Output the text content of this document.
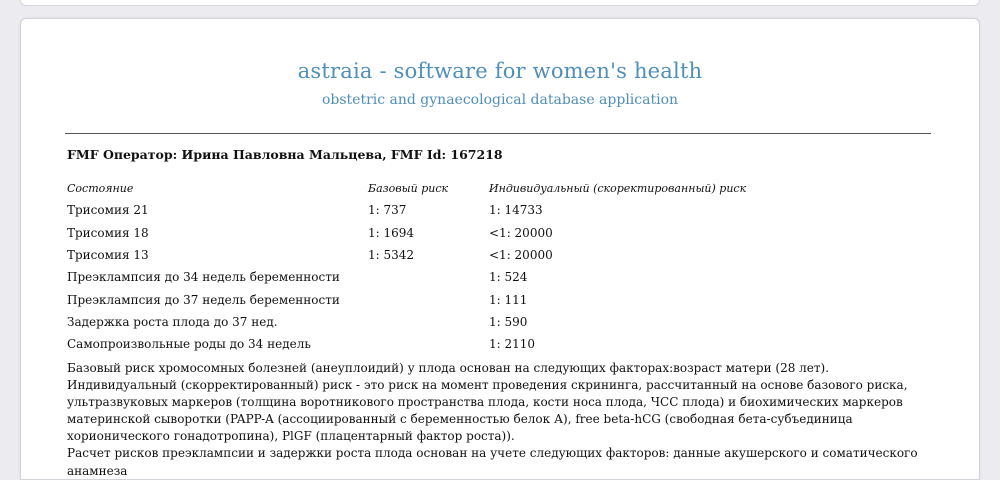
astraia - software for women's health
obstetric and gynaecological database application
FMF Оператор: Ирина Павловна Мальцева, FMF Id: 167218
Состояние	Базовый риск	Индивидуальный (скоректированный) риск
Трисомия 21	1: 737	1: 14733
Трисомия 18	1: 1694	<1: 20000
Трисомия 13	1: 5342	<1: 20000
Преэклампсия до 34 недель беременности		1: 524
Преэклампсия до 37 недель беременности		1: 111
Задержка роста плода до 37 нед.		1: 590
Самопроизвольные роды до 34 недель		1: 2110

Базовый риск хромосомных болезней (анеуплоидий) у плода основан на следующих факторах:возраст матери (28 лет). Индивидуальный (скорректированный) риск - это риск на момент проведения скрининга, рассчитанный на основе базового риска, ультразвуковых маркеров (толщина воротникового пространства плода, кости носа плода, ЧСС плода) и биохимических маркеров материнской сыворотки (PAPP-A (ассоциированный с беременностью белок А), free beta-hCG (свободная бета-субъединица хорионического гонадотропина), PlGF (плацентарный фактор роста)).

Расчет рисков преэклампсии и задержки роста плода основан на учете следующих факторов: данные акушерского и соматического анамнеза
